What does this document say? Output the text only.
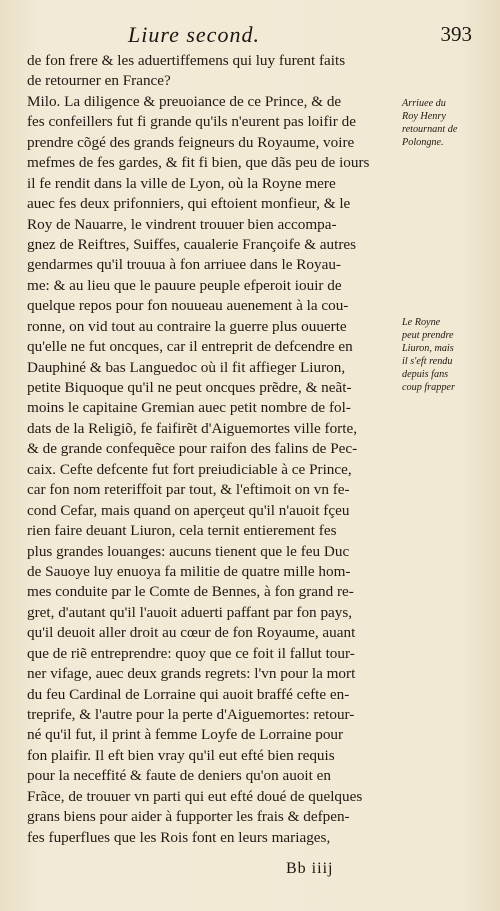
Liure second.	393
de fon frere & les aduertiffemens qui luy furent faits
de retourner en France?
Milo. La diligence & preuoiance de ce Prince, & de
fes confeillers fut fi grande qu'ils n'eurent pas loifir de
prendre cõgé des grands feigneurs du Royaume, voire
mefmes de fes gardes, & fit fi bien, que dãs peu de iours
il fe rendit dans la ville de Lyon, où la Royne mere
auec fes deux prifonniers, qui eftoient monfieur, & le
Roy de Nauarre, le vindrent trouuer bien accompa-
gnez de Reiftres, Suiffes, caualerie Françoife & autres
gendarmes qu'il trouua à fon arriuee dans le Royau-
me: & au lieu que le pauure peuple efperoit iouir de
quelque repos pour fon nouueau auenement à la cou-
ronne, on vid tout au contraire la guerre plus ouuerte
qu'elle ne fut oncques, car il entreprit de defcendre en
Dauphiné & bas Languedoc où il fit affieger Liuron,
petite Biquoque qu'il ne peut oncques prẽdre, & neãt-
moins le capitaine Gremian auec petit nombre de fol-
dats de la Religiõ, fe faifirẽt d'Aiguemortes ville forte,
& de grande confequẽce pour raifon des falins de Pec-
caix. Cefte defcente fut fort preiudiciable à ce Prince,
car fon nom reteriffoit par tout, & l'eftimoit on vn fe-
cond Cefar, mais quand on aperçeut qu'il n'auoit fçeu
rien faire deuant Liuron, cela ternit entierement fes
plus grandes louanges: aucuns tienent que le feu Duc
de Sauoye luy enuoya fa militie de quatre mille hom-
mes conduite par le Comte de Bennes, à fon grand re-
gret, d'autant qu'il l'auoit aduerti paffant par fon pays,
qu'il deuoit aller droit au cœur de fon Royaume, auant
que de riẽ entreprendre: quoy que ce foit il fallut tour-
ner vifage, auec deux grands regrets: l'vn pour la mort
du feu Cardinal de Lorraine qui auoit braffé cefte en-
treprife, & l'autre pour la perte d'Aiguemortes: retour-
né qu'il fut, il print à femme Loyfe de Lorraine pour
fon plaifir. Il eft bien vray qu'il eut efté bien requis
pour la neceffité & faute de deniers qu'on auoit en
Frãce, de trouuer vn parti qui eut efté doué de quelques
grans biens pour aider à fupporter les frais & defpen-
fes fuperflues que les Rois font en leurs mariages,
Arriuee du
Roy Henry
retournant de
Polongne.
Le Royne
peut prendre
Liuron, mais
il s'eft rendu
depuis fans
coup frapper
Bb iiij
